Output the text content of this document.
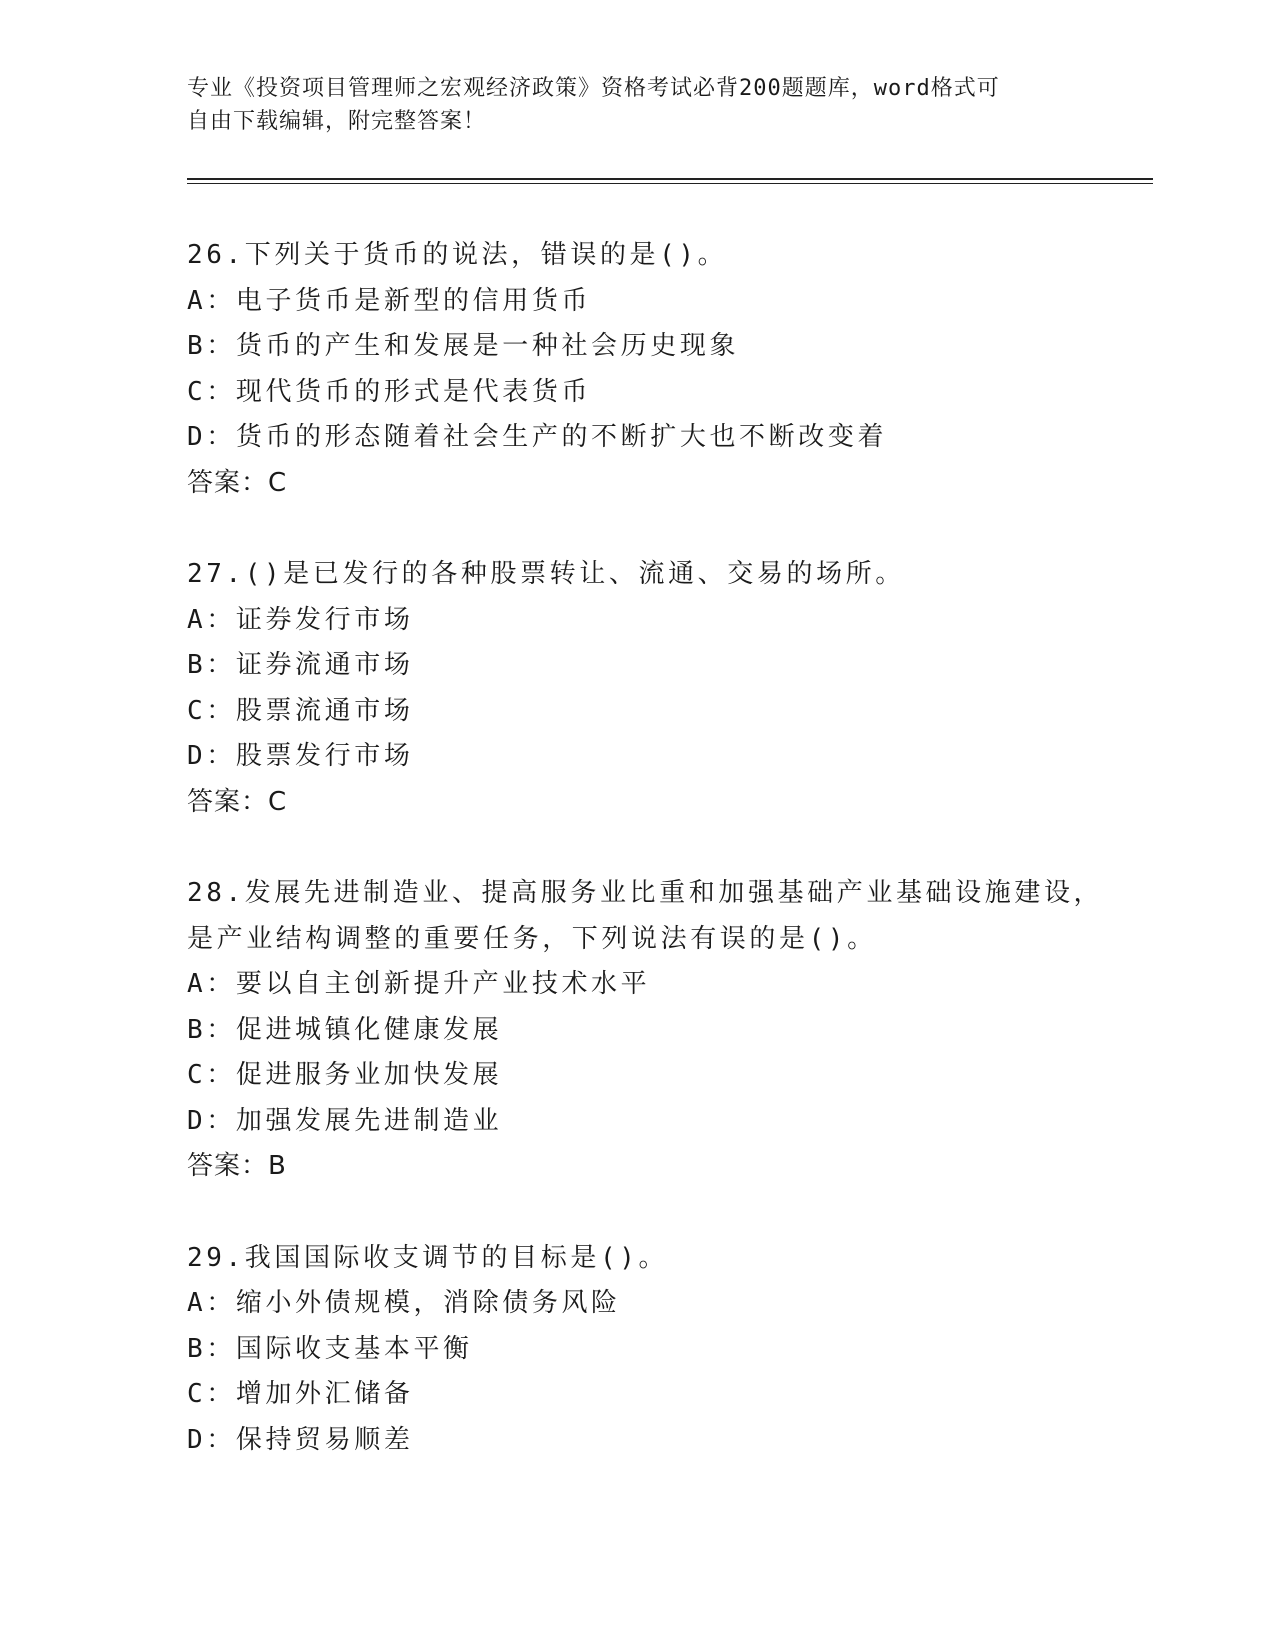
专业《投资项目管理师之宏观经济政策》资格考试必背200题题库，word格式可
自由下载编辑，附完整答案！
26.下列关于货币的说法，错误的是()。
A：电子货币是新型的信用货币
B：货币的产生和发展是一种社会历史现象
C：现代货币的形式是代表货币
D：货币的形态随着社会生产的不断扩大也不断改变着
答案：C
27.()是已发行的各种股票转让、流通、交易的场所。
A：证券发行市场
B：证券流通市场
C：股票流通市场
D：股票发行市场
答案：C
28.发展先进制造业、提高服务业比重和加强基础产业基础设施建设，
是产业结构调整的重要任务，下列说法有误的是()。
A：要以自主创新提升产业技术水平
B：促进城镇化健康发展
C：促进服务业加快发展
D：加强发展先进制造业
答案：B
29.我国国际收支调节的目标是()。
A：缩小外债规模，消除债务风险
B：国际收支基本平衡
C：增加外汇储备
D：保持贸易顺差
